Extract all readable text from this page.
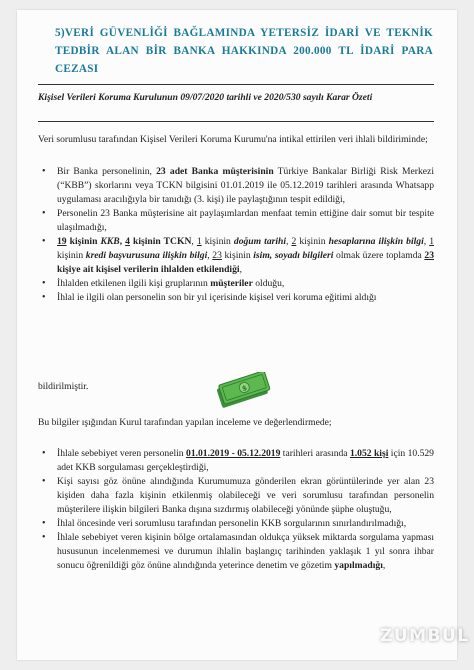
5)VERİ GÜVENLİĞİ BAĞLAMINDA YETERSİZ İDARİ VE TEKNİK TEDBİR ALAN BİR BANKA HAKKINDA 200.000 TL İDARİ PARA CEZASI
Kişisel Verileri Koruma Kurulunun 09/07/2020 tarihli ve 2020/530 sayılı Karar Özeti
Veri sorumlusu tarafından Kişisel Verileri Koruma Kurumu'na intikal ettirilen veri ihlali bildiriminde;
• Bir Banka personelinin, 23 adet Banka müşterisinin Türkiye Bankalar Birliği Risk Merkezi (“KBB”) skorlarını veya TCKN bilgisini 01.01.2019 ile 05.12.2019 tarihleri arasında Whatsapp uygulaması aracılığıyla bir tanıdığı (3. kişi) ile paylaştığının tespit edildiği,
• Personelin 23 Banka müşterisine ait paylaşımlardan menfaat temin ettiğine dair somut bir tespite ulaşılmadığı,
• 19 kişinin KKB, 4 kişinin TCKN, 1 kişinin doğum tarihi, 2 kişinin hesaplarına ilişkin bilgi, 1 kişinin kredi başvurusuna ilişkin bilgi, 23 kişinin isim, soyadı bilgileri olmak üzere toplamda 23 kişiye ait kişisel verilerin ihlalden etkilendiği,
• İhlalden etkilenen ilgili kişi gruplarının müşteriler olduğu,
• İhlal ie ilgili olan personelin son bir yıl içerisinde kişisel veri koruma eğitimi aldığı
bildirilmiştir.	$
Bu bilgiler ışığından Kurul tarafından yapılan inceleme ve değerlendirmede;
• İhlale sebebiyet veren personelin 01.01.2019 - 05.12.2019 tarihleri arasında 1.052 kişi için 10.529 adet KKB sorgulaması gerçekleştirdiği,
• Kişi sayısı göz önüne alındığında Kurumumuza gönderilen ekran görüntülerinde yer alan 23 kişiden daha fazla kişinin etkilenmiş olabileceği ve veri sorumlusu tarafından personelin müşterilere ilişkin bilgileri Banka dışına sızdırmış olabileceği yönünde şüphe oluştuğu,
• İhlal öncesinde veri sorumlusu tarafından personelin KKB sorgularının sınırlandırılmadığı,
• İhlale sebebiyet veren kişinin bölge ortalamasından oldukça yüksek miktarda sorgulama yapması hususunun incelenmemesi ve durumun ihlalin başlangıç tarihinden yaklaşık 1 yıl sonra ihbar sonucu öğrenildiği göz önüne alındığında yeterince denetim ve gözetim yapılmadığı,
ZUMBUL
